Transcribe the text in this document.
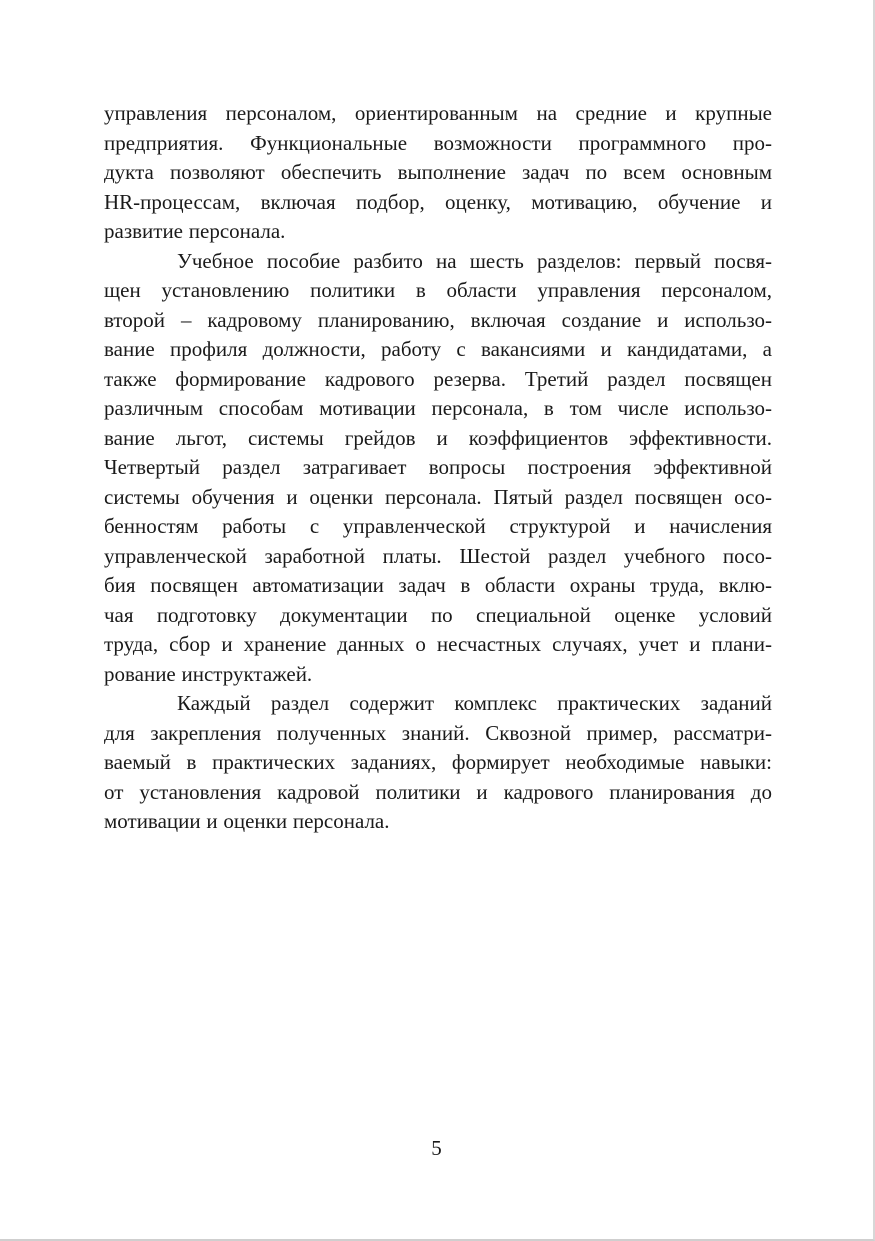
управления персоналом, ориентированным на средние и крупные
предприятия. Функциональные возможности программного про-
дукта позволяют обеспечить выполнение задач по всем основным
HR-процессам, включая подбор, оценку, мотивацию, обучение и
развитие персонала.
Учебное пособие разбито на шесть разделов: первый посвя-
щен установлению политики в области управления персоналом,
второй – кадровому планированию, включая создание и использо-
вание профиля должности, работу с вакансиями и кандидатами, а
также формирование кадрового резерва. Третий раздел посвящен
различным способам мотивации персонала, в том числе использо-
вание льгот, системы грейдов и коэффициентов эффективности.
Четвертый раздел затрагивает вопросы построения эффективной
системы обучения и оценки персонала. Пятый раздел посвящен осо-
бенностям работы с управленческой структурой и начисления
управленческой заработной платы. Шестой раздел учебного посо-
бия посвящен автоматизации задач в области охраны труда, вклю-
чая подготовку документации по специальной оценке условий
труда, сбор и хранение данных о несчастных случаях, учет и плани-
рование инструктажей.
Каждый раздел содержит комплекс практических заданий
для закрепления полученных знаний. Сквозной пример, рассматри-
ваемый в практических заданиях, формирует необходимые навыки:
от установления кадровой политики и кадрового планирования до
мотивации и оценки персонала.
5
